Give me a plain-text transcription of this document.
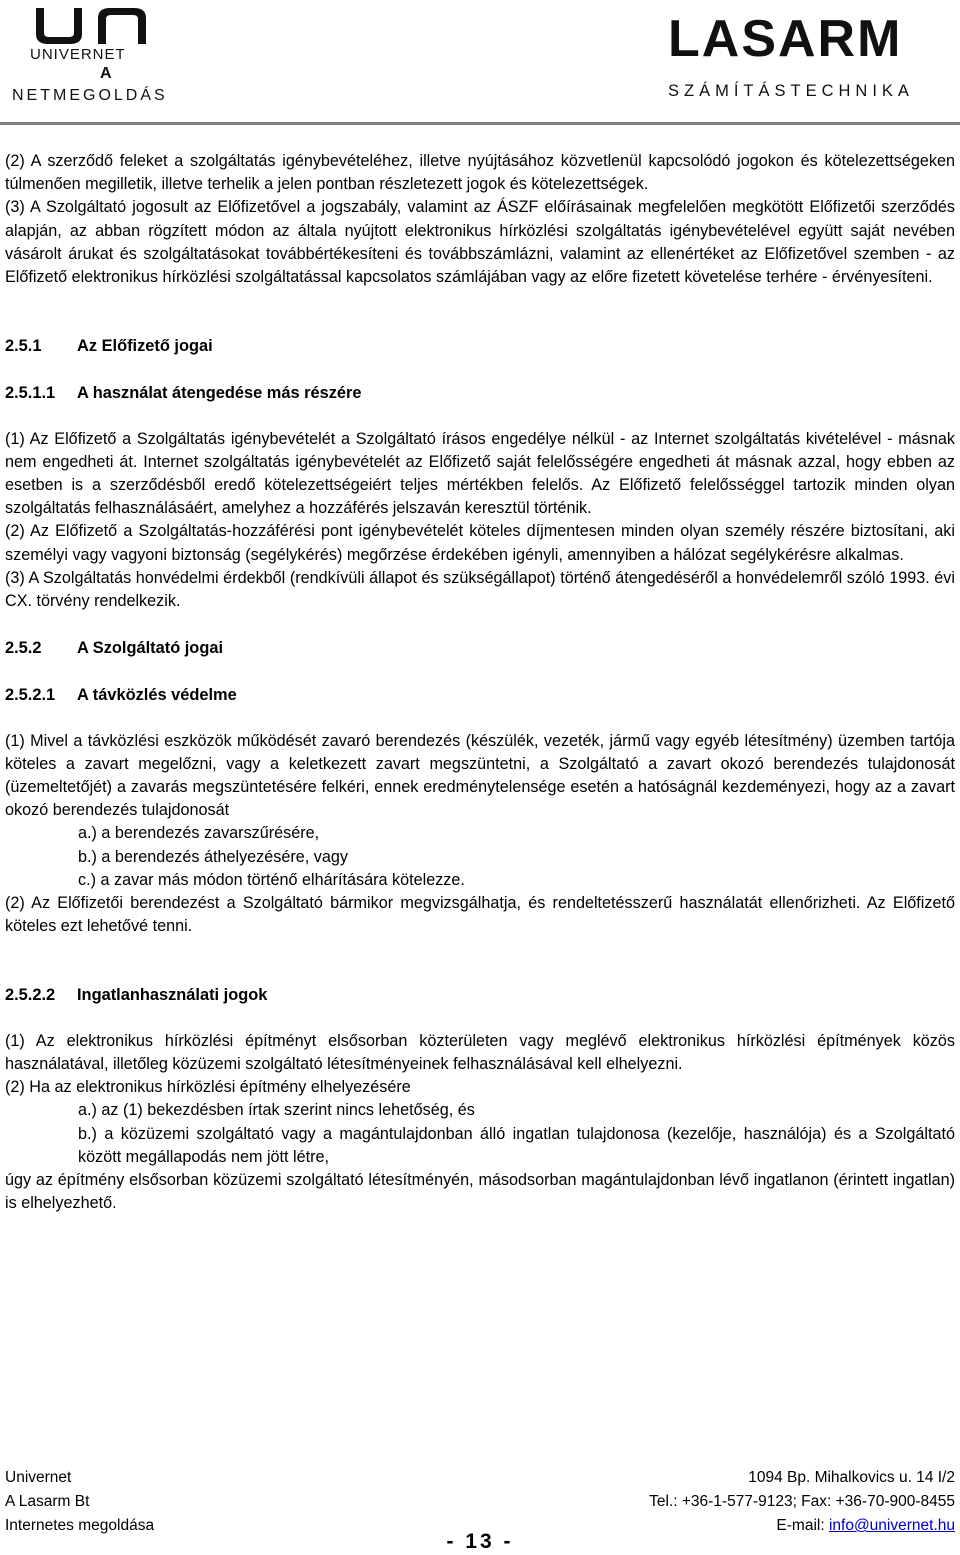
UNIVERNET
A
NETMEGOLDÁS
LASARM
SZÁMÍTÁSTECHNIKA

(2) A szerződő feleket a szolgáltatás igénybevételéhez, illetve nyújtásához közvetlenül kapcsolódó jogokon és kötelezettségeken túlmenően megilletik, illetve terhelik a jelen pontban részletezett jogok és kötelezettségek.

(3) A Szolgáltató jogosult az Előfizetővel a jogszabály, valamint az ÁSZF előírásainak megfelelően megkötött Előfizetői szerződés alapján, az abban rögzített módon az általa nyújtott elektronikus hírközlési szolgáltatás igénybevételével együtt saját nevében vásárolt árukat és szolgáltatásokat továbbértékesíteni és továbbszámlázni, valamint az ellenértéket az Előfizetővel szemben - az Előfizető elektronikus hírközlési szolgáltatással kapcsolatos számlájában vagy az előre fizetett követelése terhére - érvényesíteni.

2.5.1 Az Előfizető jogai

2.5.1.1 A használat átengedése más részére

(1) Az Előfizető a Szolgáltatás igénybevételét a Szolgáltató írásos engedélye nélkül - az Internet szolgáltatás kivételével - másnak nem engedheti át. Internet szolgáltatás igénybevételét az Előfizető saját felelősségére engedheti át másnak azzal, hogy ebben az esetben is a szerződésből eredő kötelezettségeiért teljes mértékben felelős. Az Előfizető felelősséggel tartozik minden olyan szolgáltatás felhasználásáért, amelyhez a hozzáférés jelszaván keresztül történik.

(2) Az Előfizető a Szolgáltatás-hozzáférési pont igénybevételét köteles díjmentesen minden olyan személy részére biztosítani, aki személyi vagy vagyoni biztonság (segélykérés) megőrzése érdekében igényli, amennyiben a hálózat segélykérésre alkalmas.

(3) A Szolgáltatás honvédelmi érdekből (rendkívüli állapot és szükségállapot) történő átengedéséről a honvédelemről szóló 1993. évi CX. törvény rendelkezik.

2.5.2 A Szolgáltató jogai

2.5.2.1 A távközlés védelme

(1) Mivel a távközlési eszközök működését zavaró berendezés (készülék, vezeték, jármű vagy egyéb létesítmény) üzemben tartója köteles a zavart megelőzni, vagy a keletkezett zavart megszüntetni, a Szolgáltató a zavart okozó berendezés tulajdonosát (üzemeltetőjét) a zavarás megszüntetésére felkéri, ennek eredménytelensége esetén a hatóságnál kezdeményezi, hogy az a zavart okozó berendezés tulajdonosát

a.) a berendezés zavarszűrésére,

b.) a berendezés áthelyezésére, vagy

c.) a zavar más módon történő elhárítására kötelezze.

(2) Az Előfizetői berendezést a Szolgáltató bármikor megvizsgálhatja, és rendeltetésszerű használatát ellenőrizheti. Az Előfizető köteles ezt lehetővé tenni.

2.5.2.2 Ingatlanhasználati jogok

(1) Az elektronikus hírközlési építményt elsősorban közterületen vagy meglévő elektronikus hírközlési építmények közös használatával, illetőleg közüzemi szolgáltató létesítményeinek felhasználásával kell elhelyezni.

(2) Ha az elektronikus hírközlési építmény elhelyezésére

a.) az (1) bekezdésben írtak szerint nincs lehetőség, és

b.) a közüzemi szolgáltató vagy a magántulajdonban álló ingatlan tulajdonosa (kezelője, használója) és a Szolgáltató között megállapodás nem jött létre,

úgy az építmény elsősorban közüzemi szolgáltató létesítményén, másodsorban magántulajdonban lévő ingatlanon (érintett ingatlan) is elhelyezhető.

Univernet	1094 Bp. Mihalkovics u. 14 I/2
A Lasarm Bt	Tel.: +36-1-577-9123; Fax: +36-70-900-8455
Internetes megoldása	E-mail: info@univernet.hu
- 13 -
